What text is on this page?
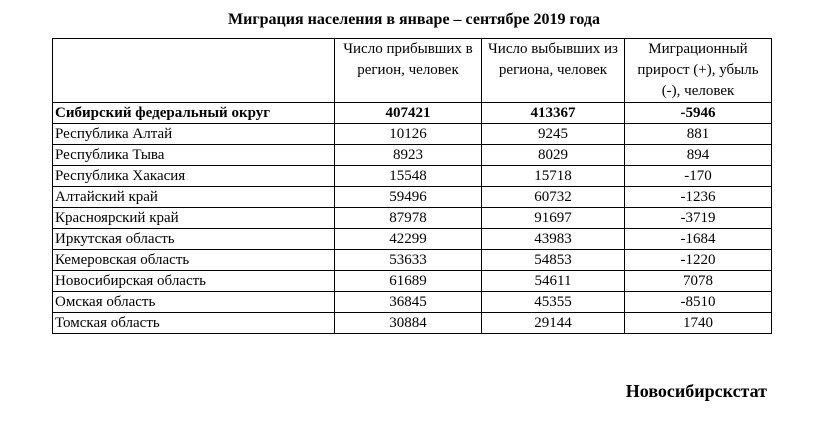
Миграция населения в январе – сентябре 2019 года
	Число прибывших в регион, человек	Число выбывших из региона, человек	Миграционный прирост (+), убыль (-), человек
Сибирский федеральный округ	407421	413367	-5946
Республика Алтай	10126	9245	881
Республика Тыва	8923	8029	894
Республика Хакасия	15548	15718	-170
Алтайский край	59496	60732	-1236
Красноярский край	87978	91697	-3719
Иркутская область	42299	43983	-1684
Кемеровская область	53633	54853	-1220
Новосибирская область	61689	54611	7078
Омская область	36845	45355	-8510
Томская область	30884	29144	1740
Новосибирскстат
